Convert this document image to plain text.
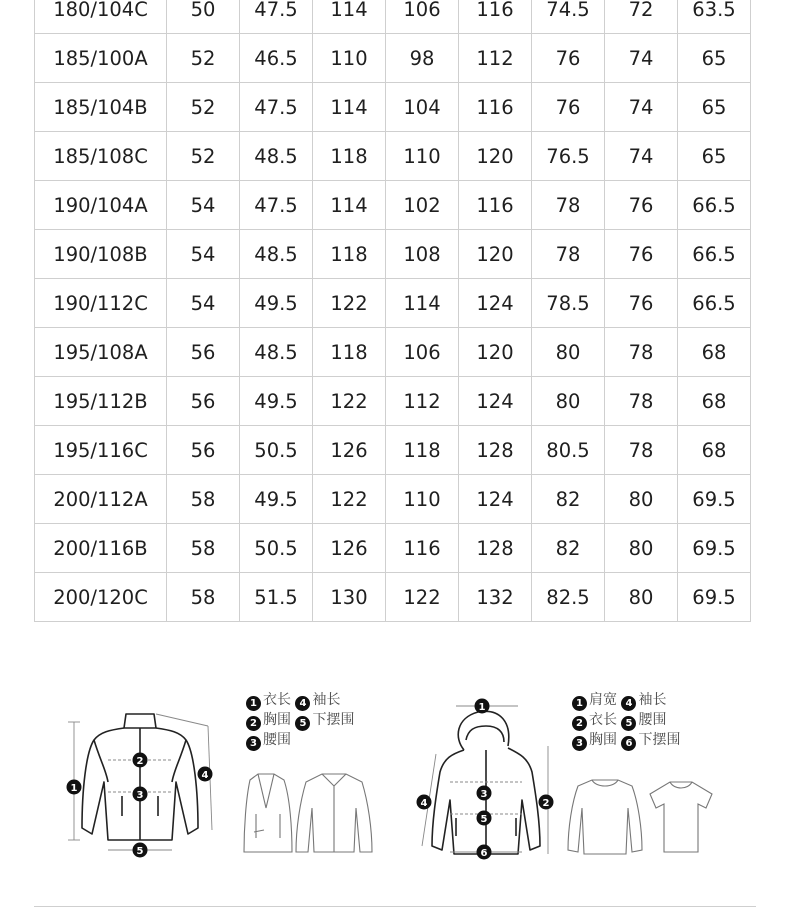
180/104C	50	47.5	114	106	116	74.5	72	63.5
185/100A	52	46.5	110	98	112	76	74	65
185/104B	52	47.5	114	104	116	76	74	65
185/108C	52	48.5	118	110	120	76.5	74	65
190/104A	54	47.5	114	102	116	78	76	66.5
190/108B	54	48.5	118	108	120	78	76	66.5
190/112C	54	49.5	122	114	124	78.5	76	66.5
195/108A	56	48.5	118	106	120	80	78	68
195/112B	56	49.5	122	112	124	80	78	68
195/116C	56	50.5	126	118	128	80.5	78	68
200/112A	58	49.5	122	110	124	82	80	69.5
200/116B	58	50.5	126	116	128	82	80	69.5
200/120C	58	51.5	130	122	132	82.5	80	69.5
1
2
3
4
5
1 衣长 4 袖长
2 胸围 5 下摆围
3 腰围
1
2
3
4
5
6
1 肩宽 4 袖长
2 衣长 5 腰围
3 胸围 6 下摆围
